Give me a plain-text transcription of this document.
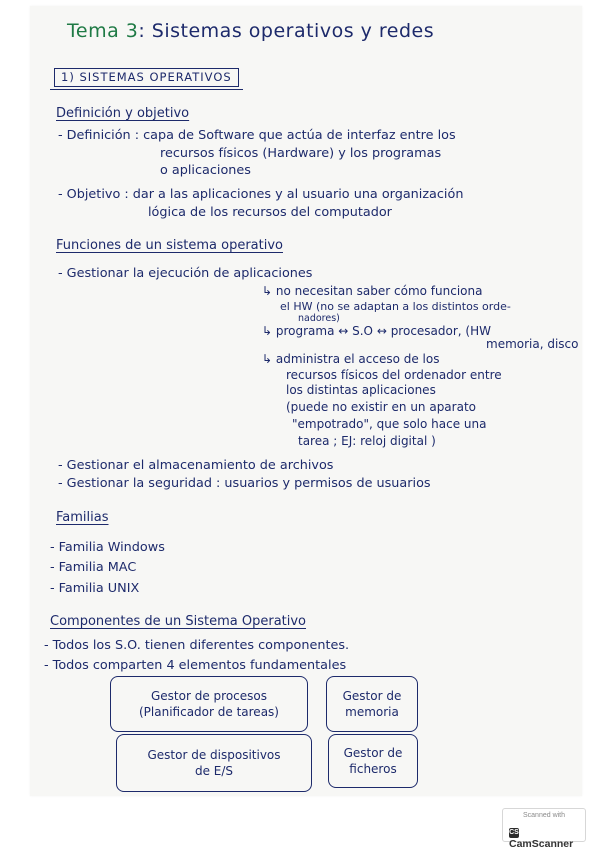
Tema 3: Sistemas operativos y redes
1) SISTEMAS OPERATIVOS
Definición y objetivo
- Definición : capa de Software que actúa de interfaz entre los
recursos físicos (Hardware) y los programas
o aplicaciones
- Objetivo : dar a las aplicaciones y al usuario una organización
lógica de los recursos del computador
Funciones de un sistema operativo
- Gestionar la ejecución de aplicaciones
↳ no necesitan saber cómo funciona
el HW (no se adaptan a los distintos orde-
nadores)
↳ programa ↔ S.O ↔ procesador, (HW
memoria, disco
↳ administra el acceso de los
recursos físicos del ordenador entre
los distintas aplicaciones
(puede no existir en un aparato
"empotrado", que solo hace una
tarea ; EJ: reloj digital )
- Gestionar el almacenamiento de archivos
- Gestionar la seguridad : usuarios y permisos de usuarios
Familias
- Familia Windows
- Familia MAC
- Familia UNIX
Componentes de un Sistema Operativo
- Todos los S.O. tienen diferentes componentes.
- Todos comparten 4 elementos fundamentales
Gestor de procesos
(Planificador de tareas)
Gestor de
memoria
Gestor de dispositivos
de E/S
Gestor de
ficheros
Scanned with
CSCamScanner
